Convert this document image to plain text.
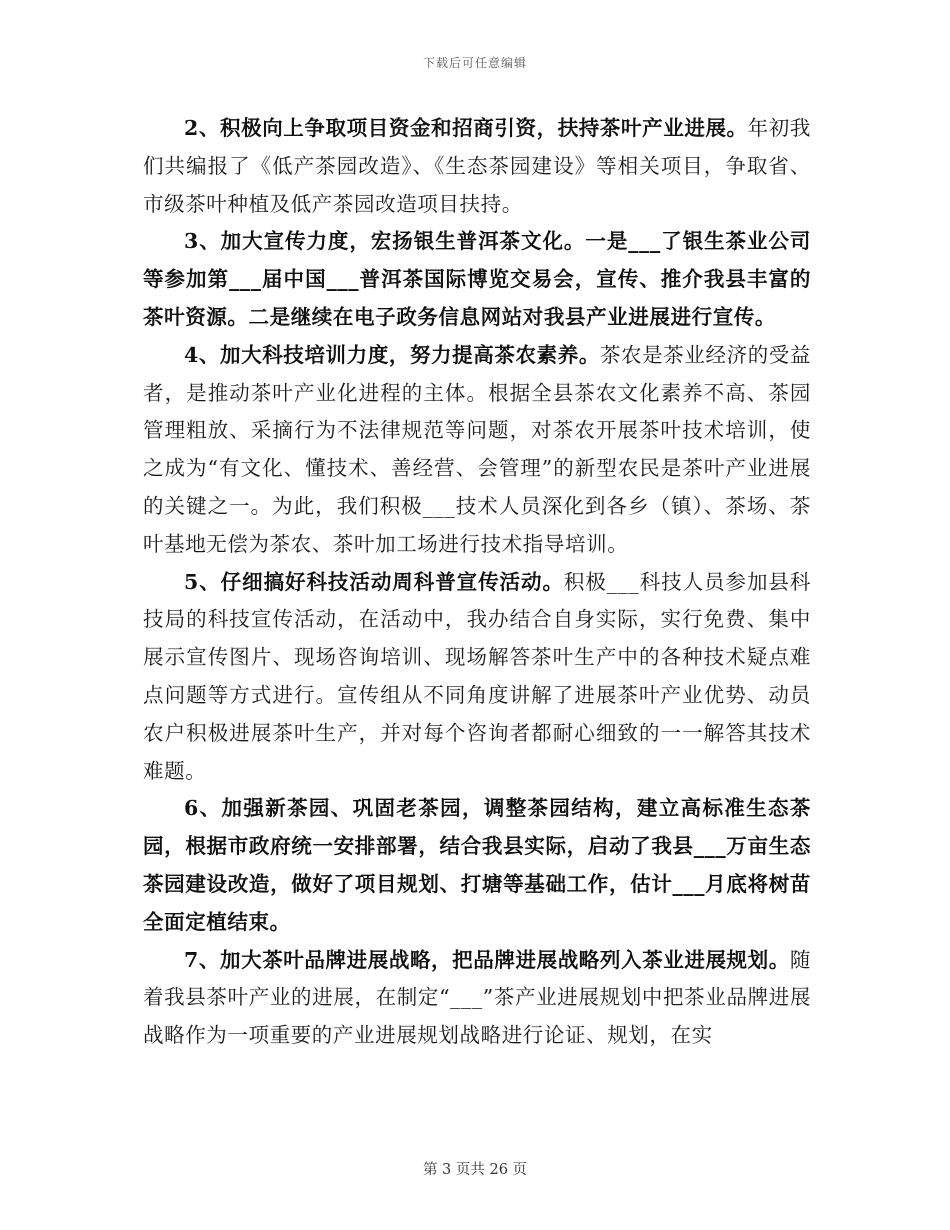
下载后可任意编辑

2、积极向上争取项目资金和招商引资，扶持茶叶产业进展。年初我们共编报了《低产茶园改造》、《生态茶园建设》等相关项目，争取省、市级茶叶种植及低产茶园改造项目扶持。

3、加大宣传力度，宏扬银生普洱茶文化。一是___了银生茶业公司等参加第___届中国___普洱茶国际博览交易会，宣传、推介我县丰富的茶叶资源。二是继续在电子政务信息网站对我县产业进展进行宣传。

4、加大科技培训力度，努力提高茶农素养。茶农是茶业经济的受益者，是推动茶叶产业化进程的主体。根据全县茶农文化素养不高、茶园管理粗放、采摘行为不法律规范等问题，对茶农开展茶叶技术培训，使之成为“有文化、懂技术、善经营、会管理”的新型农民是茶叶产业进展的关键之一。为此，我们积极___技术人员深化到各乡（镇）、茶场、茶叶基地无偿为茶农、茶叶加工场进行技术指导培训。

5、仔细搞好科技活动周科普宣传活动。积极___科技人员参加县科技局的科技宣传活动，在活动中，我办结合自身实际，实行免费、集中展示宣传图片、现场咨询培训、现场解答茶叶生产中的各种技术疑点难点问题等方式进行。宣传组从不同角度讲解了进展茶叶产业优势、动员农户积极进展茶叶生产，并对每个咨询者都耐心细致的一一解答其技术难题。

6、加强新茶园、巩固老茶园，调整茶园结构，建立高标准生态茶园，根据市政府统一安排部署，结合我县实际，启动了我县___万亩生态茶园建设改造，做好了项目规划、打塘等基础工作，估计___月底将树苗全面定植结束。

7、加大茶叶品牌进展战略，把品牌进展战略列入茶业进展规划。随着我县茶叶产业的进展，在制定“___”茶产业进展规划中把茶业品牌进展战略作为一项重要的产业进展规划战略进行论证、规划，在实

第 3 页共 26 页
